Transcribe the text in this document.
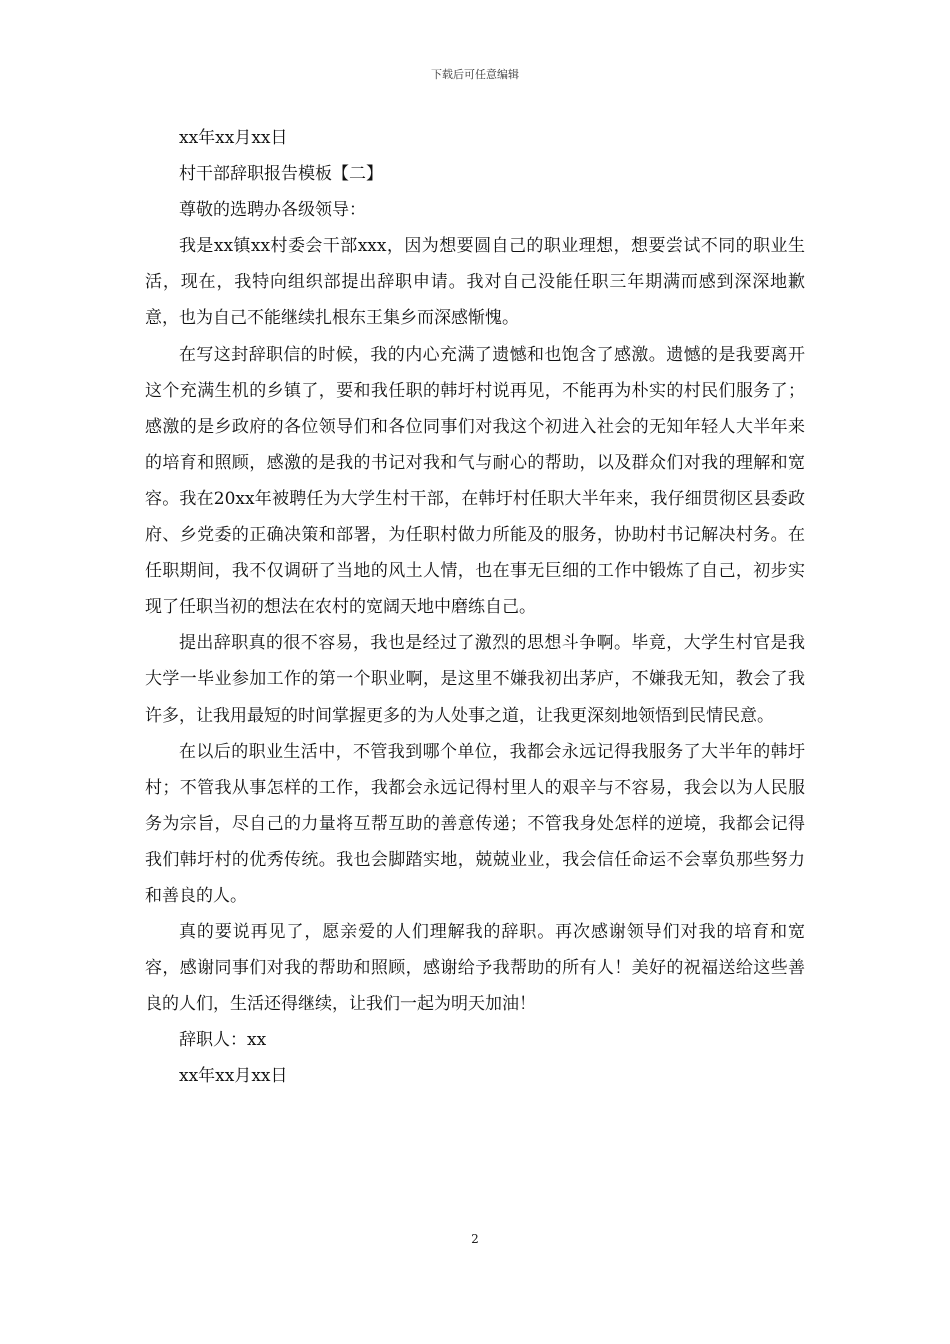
下载后可任意编辑

xx年xx月xx日

村干部辞职报告模板【二】

尊敬的选聘办各级领导：

我是xx镇xx村委会干部xxx，因为想要圆自己的职业理想，想要尝试不同的职业生活，现在，我特向组织部提出辞职申请。我对自己没能任职三年期满而感到深深地歉意，也为自己不能继续扎根东王集乡而深感惭愧。

在写这封辞职信的时候，我的内心充满了遗憾和也饱含了感激。遗憾的是我要离开这个充满生机的乡镇了，要和我任职的韩圩村说再见，不能再为朴实的村民们服务了；感激的是乡政府的各位领导们和各位同事们对我这个初进入社会的无知年轻人大半年来的培育和照顾，感激的是我的书记对我和气与耐心的帮助，以及群众们对我的理解和宽容。我在20xx年被聘任为大学生村干部，在韩圩村任职大半年来，我仔细贯彻区县委政府、乡党委的正确决策和部署，为任职村做力所能及的服务，协助村书记解决村务。在任职期间，我不仅调研了当地的风土人情，也在事无巨细的工作中锻炼了自己，初步实现了任职当初的想法在农村的宽阔天地中磨练自己。

提出辞职真的很不容易，我也是经过了激烈的思想斗争啊。毕竟，大学生村官是我大学一毕业参加工作的第一个职业啊，是这里不嫌我初出茅庐，不嫌我无知，教会了我许多，让我用最短的时间掌握更多的为人处事之道，让我更深刻地领悟到民情民意。

在以后的职业生活中，不管我到哪个单位，我都会永远记得我服务了大半年的韩圩村；不管我从事怎样的工作，我都会永远记得村里人的艰辛与不容易，我会以为人民服务为宗旨，尽自己的力量将互帮互助的善意传递；不管我身处怎样的逆境，我都会记得我们韩圩村的优秀传统。我也会脚踏实地，兢兢业业，我会信任命运不会辜负那些努力和善良的人。

真的要说再见了，愿亲爱的人们理解我的辞职。再次感谢领导们对我的培育和宽容，感谢同事们对我的帮助和照顾，感谢给予我帮助的所有人！美好的祝福送给这些善良的人们，生活还得继续，让我们一起为明天加油！

辞职人：xx

xx年xx月xx日

2
